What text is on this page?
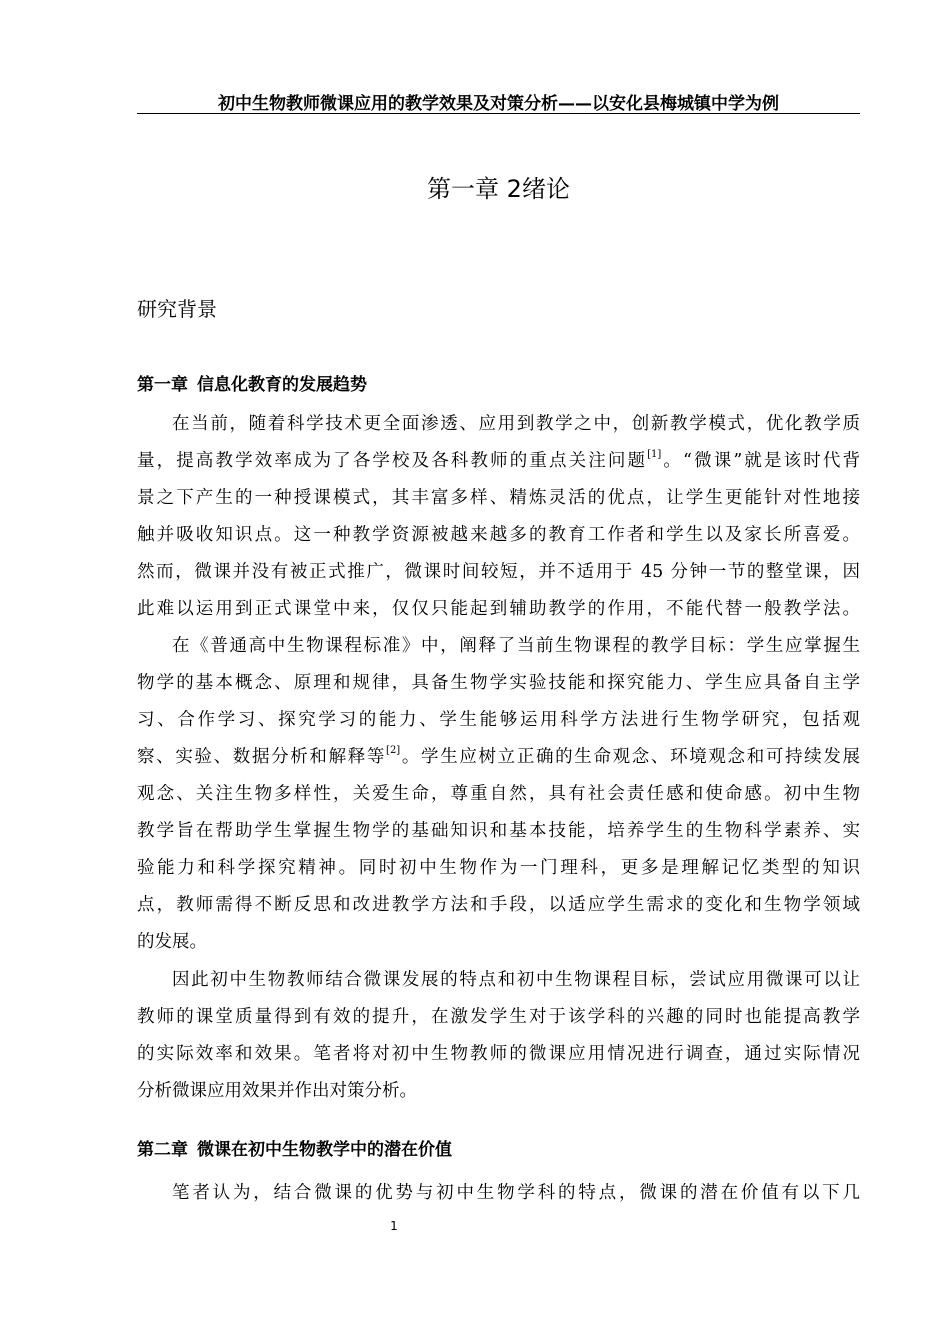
初中生物教师微课应用的教学效果及对策分析——以安化县梅城镇中学为例
第一章 2绪论
研究背景
第一章 信息化教育的发展趋势
在当前，随着科学技术更全面渗透、应用到教学之中，创新教学模式，优化教学质
量，提高教学效率成为了各学校及各科教师的重点关注问题[1]。“微课”就是该时代背
景之下产生的一种授课模式，其丰富多样、精炼灵活的优点，让学生更能针对性地接
触并吸收知识点。这一种教学资源被越来越多的教育工作者和学生以及家长所喜爱。
然而，微课并没有被正式推广，微课时间较短，并不适用于 45 分钟一节的整堂课，因
此难以运用到正式课堂中来，仅仅只能起到辅助教学的作用，不能代替一般教学法。
在《普通高中生物课程标准》中，阐释了当前生物课程的教学目标：学生应掌握生
物学的基本概念、原理和规律，具备生物学实验技能和探究能力、学生应具备自主学
习、合作学习、探究学习的能力、学生能够运用科学方法进行生物学研究，包括观
察、实验、数据分析和解释等[2]。学生应树立正确的生命观念、环境观念和可持续发展
观念、关注生物多样性，关爱生命，尊重自然，具有社会责任感和使命感。初中生物
教学旨在帮助学生掌握生物学的基础知识和基本技能，培养学生的生物科学素养、实
验能力和科学探究精神。同时初中生物作为一门理科，更多是理解记忆类型的知识
点，教师需得不断反思和改进教学方法和手段，以适应学生需求的变化和生物学领域
的发展。
因此初中生物教师结合微课发展的特点和初中生物课程目标，尝试应用微课可以让
教师的课堂质量得到有效的提升，在激发学生对于该学科的兴趣的同时也能提高教学
的实际效率和效果。笔者将对初中生物教师的微课应用情况进行调查，通过实际情况
分析微课应用效果并作出对策分析。
第二章 微课在初中生物教学中的潜在价值
笔者认为，结合微课的优势与初中生物学科的特点，微课的潜在价值有以下几
1
